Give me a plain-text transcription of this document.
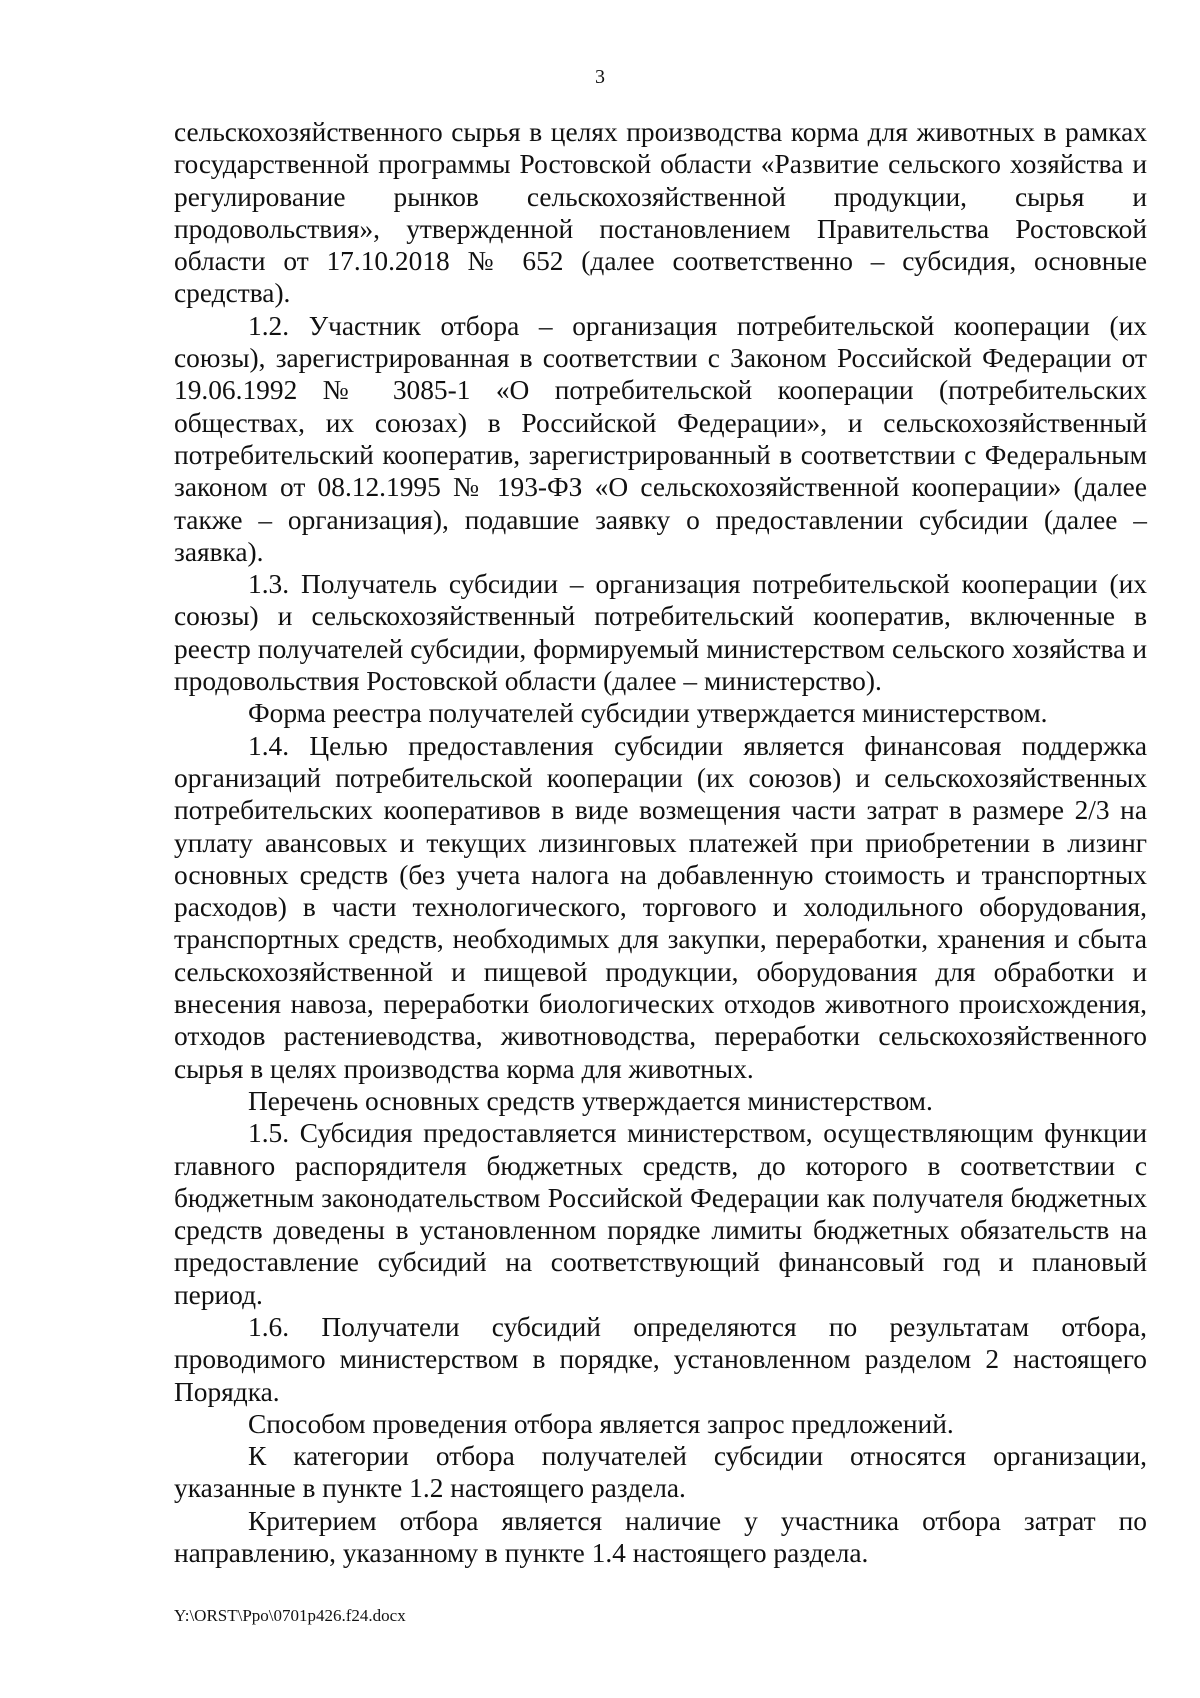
3

сельскохозяйственного сырья в целях производства корма для животных в рамках государственной программы Ростовской области «Развитие сельского хозяйства и регулирование рынков сельскохозяйственной продукции, сырья и продовольствия», утвержденной постановлением Правительства Ростовской области от 17.10.2018 № 652 (далее соответственно – субсидия, основные средства).

1.2. Участник отбора – организация потребительской кооперации (их союзы), зарегистрированная в соответствии с Законом Российской Федерации от 19.06.1992 № 3085-1 «О потребительской кооперации (потребительских обществах, их союзах) в Российской Федерации», и сельскохозяйственный потребительский кооператив, зарегистрированный в соответствии с Федеральным законом от 08.12.1995 № 193-ФЗ «О сельскохозяйственной кооперации» (далее также – организация), подавшие заявку о предоставлении субсидии (далее – заявка).

1.3. Получатель субсидии – организация потребительской кооперации (их союзы) и сельскохозяйственный потребительский кооператив, включенные в реестр получателей субсидии, формируемый министерством сельского хозяйства и продовольствия Ростовской области (далее – министерство).

Форма реестра получателей субсидии утверждается министерством.

1.4. Целью предоставления субсидии является финансовая поддержка организаций потребительской кооперации (их союзов) и сельскохозяйственных потребительских кооперативов в виде возмещения части затрат в размере 2/3 на уплату авансовых и текущих лизинговых платежей при приобретении в лизинг основных средств (без учета налога на добавленную стоимость и транспортных расходов) в части технологического, торгового и холодильного оборудования, транспортных средств, необходимых для закупки, переработки, хранения и сбыта сельскохозяйственной и пищевой продукции, оборудования для обработки и внесения навоза, переработки биологических отходов животного происхождения, отходов растениеводства, животноводства, переработки сельскохозяйственного сырья в целях производства корма для животных.

Перечень основных средств утверждается министерством.

1.5. Субсидия предоставляется министерством, осуществляющим функции главного распорядителя бюджетных средств, до которого в соответствии с бюджетным законодательством Российской Федерации как получателя бюджетных средств доведены в установленном порядке лимиты бюджетных обязательств на предоставление субсидий на соответствующий финансовый год и плановый период.

1.6. Получатели субсидий определяются по результатам отбора, проводимого министерством в порядке, установленном разделом 2 настоящего Порядка.

Способом проведения отбора является запрос предложений.

К категории отбора получателей субсидии относятся организации, указанные в пункте 1.2 настоящего раздела.

Критерием отбора является наличие у участника отбора затрат по направлению, указанному в пункте 1.4 настоящего раздела.

Y:\ORST\Ppo\0701p426.f24.docx
